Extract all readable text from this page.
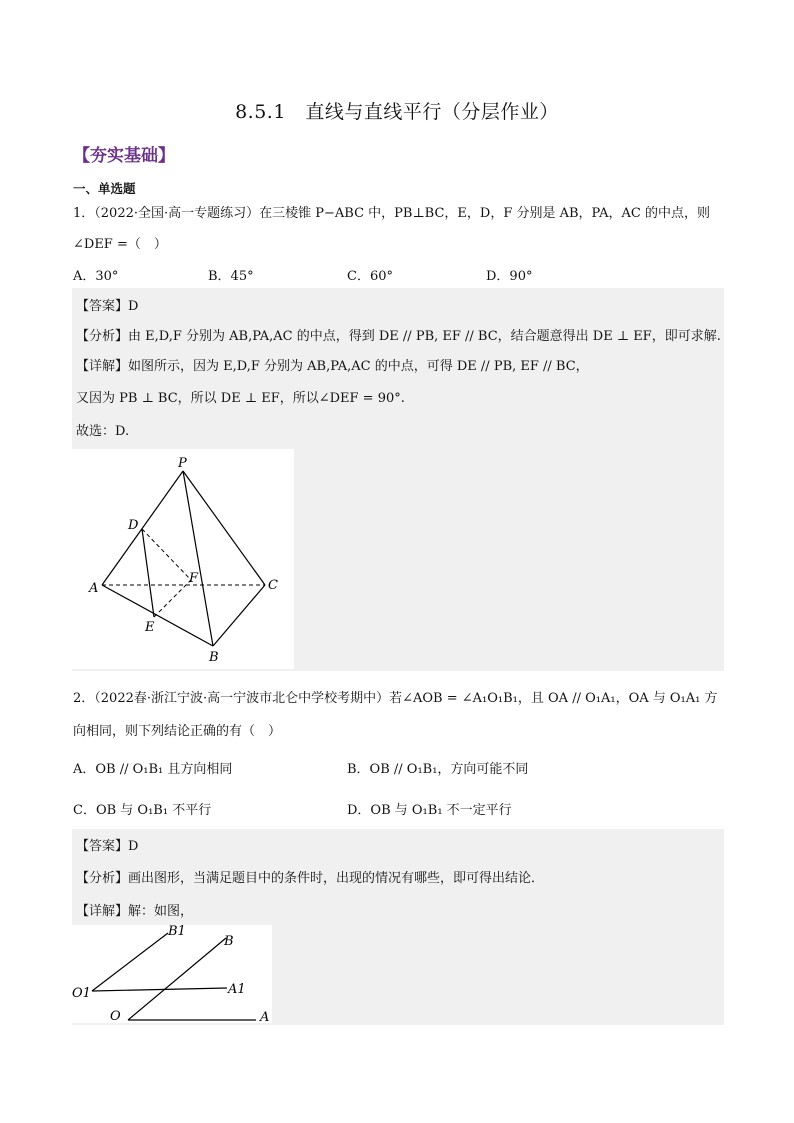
8.5.1　直线与直线平行（分层作业）
【夯实基础】
一、单选题
1．（2022·全国·高一专题练习）在三棱锥 P−ABC 中，PB⊥BC，E，D，F 分别是 AB，PA，AC 的中点，则
∠DEF =（　）
A．30°	B．45°	C．60°	D．90°
【答案】D
【分析】由 E,D,F 分别为 AB,PA,AC 的中点，得到 DE // PB, EF // BC，结合题意得出 DE ⊥ EF，即可求解.
【详解】如图所示，因为 E,D,F 分别为 AB,PA,AC 的中点，可得 DE // PB, EF // BC，
又因为 PB ⊥ BC，所以 DE ⊥ EF，所以∠DEF = 90°.
故选：D.
P
D
A
F	C
E
B
2．（2022春·浙江宁波·高一宁波市北仑中学校考期中）若∠AOB = ∠A₁O₁B₁，且 OA // O₁A₁，OA 与 O₁A₁ 方
向相同，则下列结论正确的有（　）
A．OB // O₁B₁ 且方向相同	B．OB // O₁B₁，方向可能不同
C．OB 与 O₁B₁ 不平行	D．OB 与 O₁B₁ 不一定平行
【答案】D
【分析】画出图形，当满足题目中的条件时，出现的情况有哪些，即可得出结论．
【详解】解：如图，
B1
B
O1	A1
O	A
